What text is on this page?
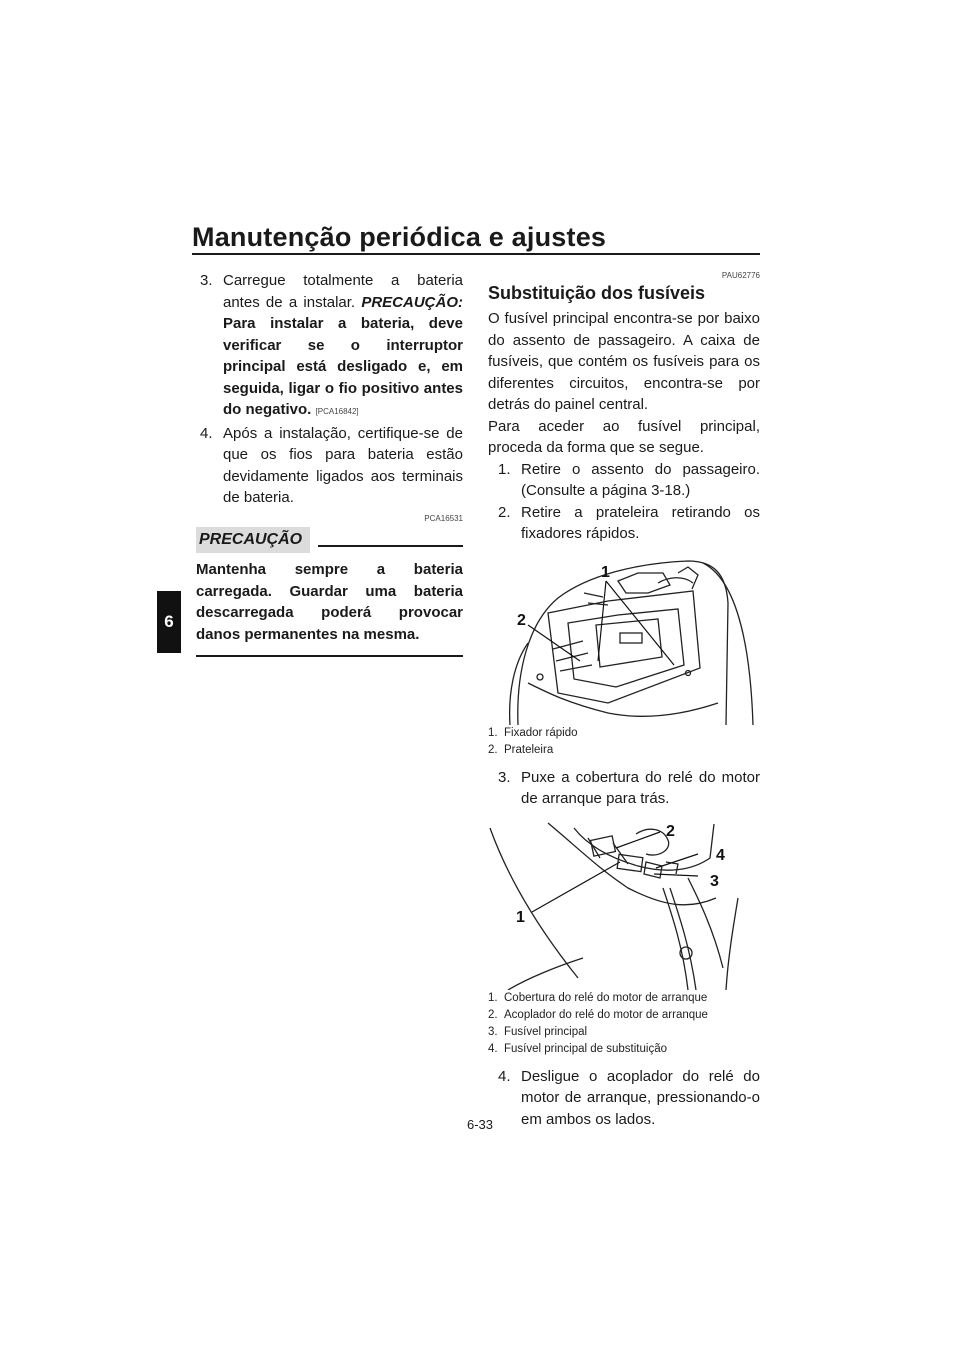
Manutenção periódica e ajustes
6
3. Carregue totalmente a bateria antes de a instalar. PRECAUÇÃO: Para instalar a bateria, deve verificar se o interruptor principal está desligado e, em seguida, ligar o fio positivo antes do negativo. [PCA16842]
4. Após a instalação, certifique-se de que os fios para bateria estão devidamente ligados aos terminais de bateria.
PCA16531
PRECAUÇÃO
Mantenha sempre a bateria carregada. Guardar uma bateria descarregada poderá provocar danos permanentes na mesma.
PAU62776
Substituição dos fusíveis

O fusível principal encontra-se por baixo do assento de passageiro. A caixa de fusíveis, que contém os fusíveis para os diferentes circuitos, encontra-se por detrás do painel central.

Para aceder ao fusível principal, proceda da forma que se segue.

1. Retire o assento do passageiro. (Consulte a página 3-18.)
2. Retire a prateleira retirando os fixadores rápidos.
1
2
1. Fixador rápido
2. Prateleira
3. Puxe a cobertura do relé do motor de arranque para trás.
2
4
3
1
1. Cobertura do relé do motor de arranque
2. Acoplador do relé do motor de arranque
3. Fusível principal
4. Fusível principal de substituição
4. Desligue o acoplador do relé do motor de arranque, pressionando-o em ambos os lados.
6-33
